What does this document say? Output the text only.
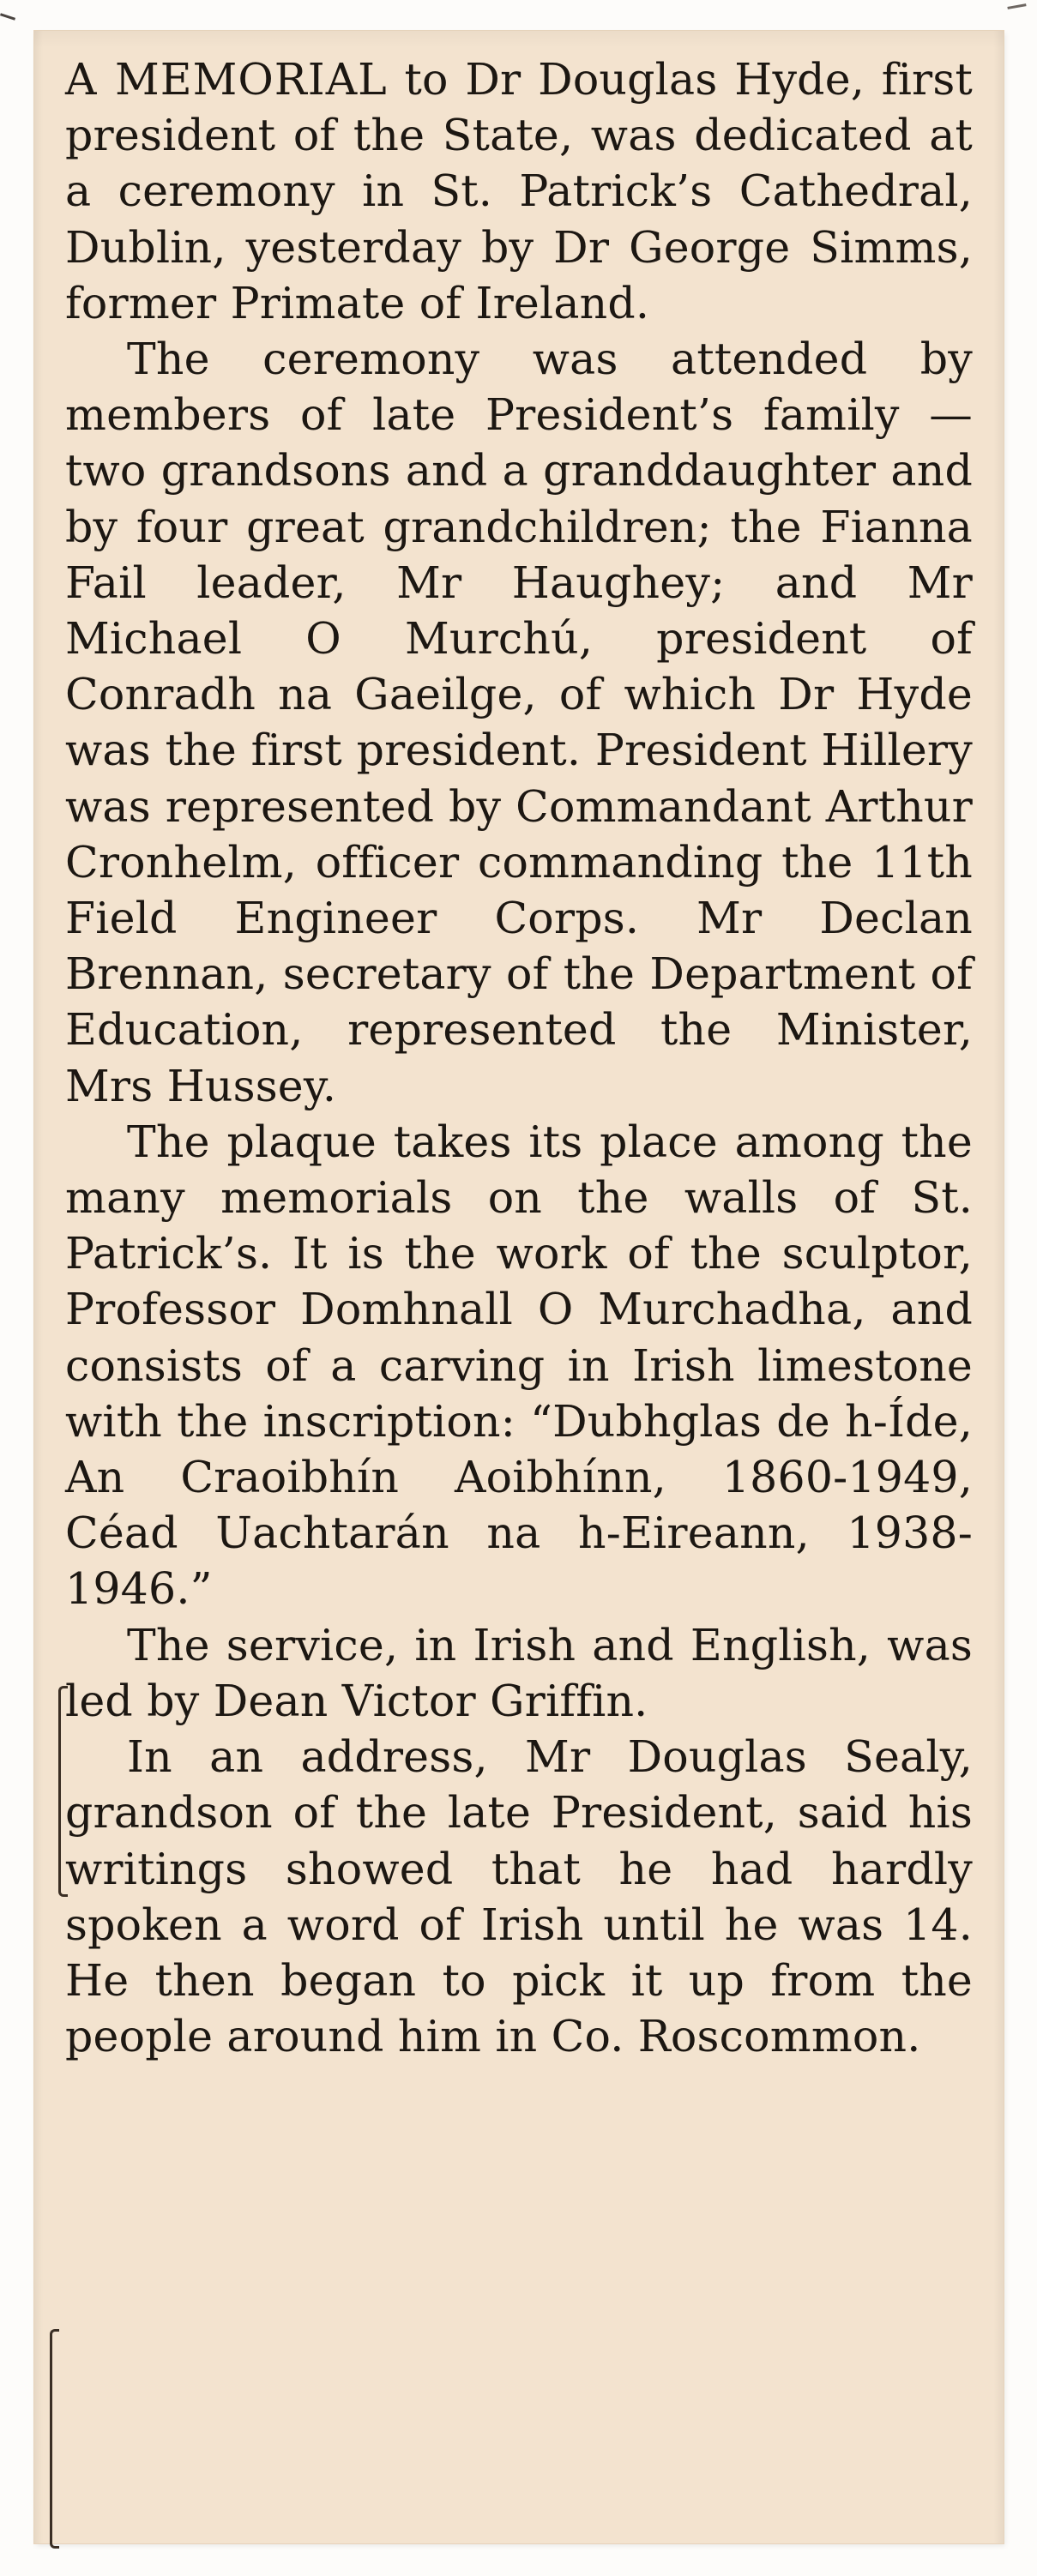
A MEMORIAL to Dr Douglas Hyde, first president of the State, was dedicated at a ceremony in St. Patrick’s Cathedral, Dublin, yesterday by Dr George Simms, former Primate of Ireland.

The ceremony was attended by members of late President’s family — two grandsons and a granddaughter and by four great grandchildren; the Fianna Fail leader, Mr Haughey; and Mr Michael O Murchú, president of Conradh na Gaeilge, of which Dr Hyde was the first president. President Hillery was represented by Commandant Arthur Cronhelm, officer commanding the 11th Field Engineer Corps. Mr Declan Brennan, secretary of the Department of Education, represented the Minister, Mrs Hussey.

The plaque takes its place among the many memorials on the walls of St. Patrick’s. It is the work of the sculptor, Professor Domhnall O Murchadha, and consists of a carving in Irish limestone with the inscription: “Dubhglas de h-Íde, An Craoibhín Aoibhínn, 1860-1949, Céad Uachtarán na h-Eireann, 1938-1946.”

The service, in Irish and English, was led by Dean Victor Griffin.

In an address, Mr Douglas Sealy, grandson of the late President, said his writings showed that he had hardly spoken a word of Irish until he was 14. He then began to pick it up from the people around him in Co. Roscommon.
